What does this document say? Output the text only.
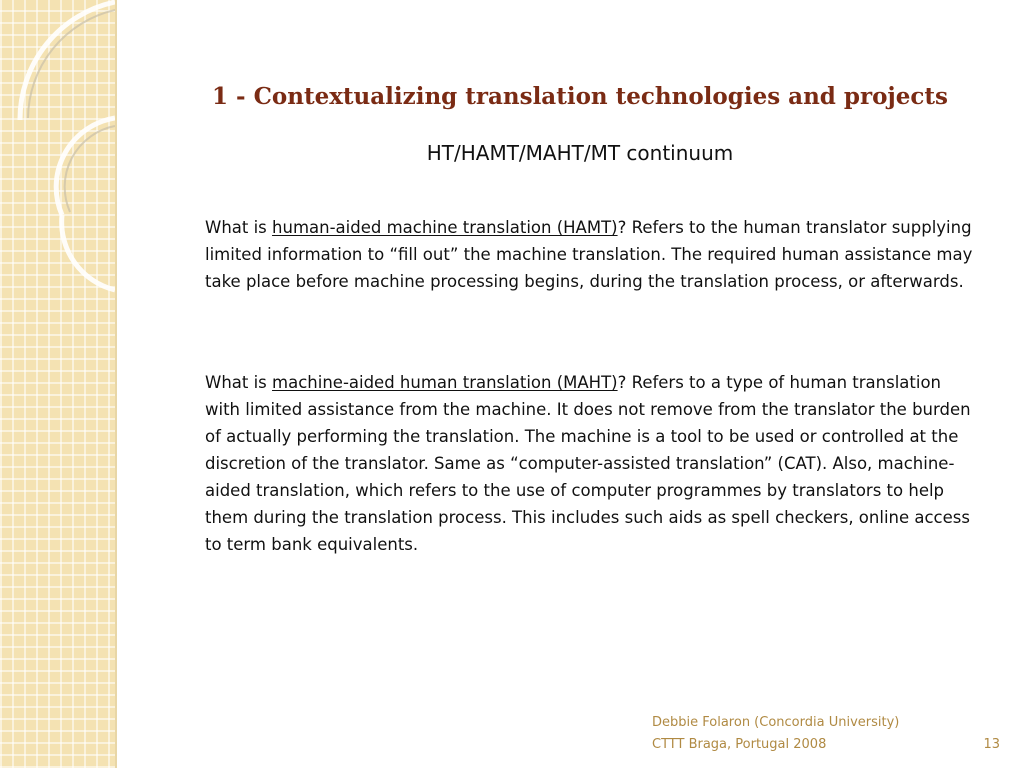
1 - Contextualizing translation technologies and projects
HT/HAMT/MAHT/MT continuum

What is human-aided machine translation (HAMT)? Refers to the human translator supplying limited information to “fill out” the machine translation. The required human assistance may take place before machine processing begins, during the translation process, or afterwards.

What is machine-aided human translation (MAHT)? Refers to a type of human translation with limited assistance from the machine. It does not remove from the translator the burden of actually performing the translation. The machine is a tool to be used or controlled at the discretion of the translator. Same as “computer-assisted translation” (CAT). Also, machine-aided translation, which refers to the use of computer programmes by translators to help them during the translation process. This includes such aids as spell checkers, online access to term bank equivalents.

Debbie Folaron (Concordia University)
CTTT Braga, Portugal 2008	13
